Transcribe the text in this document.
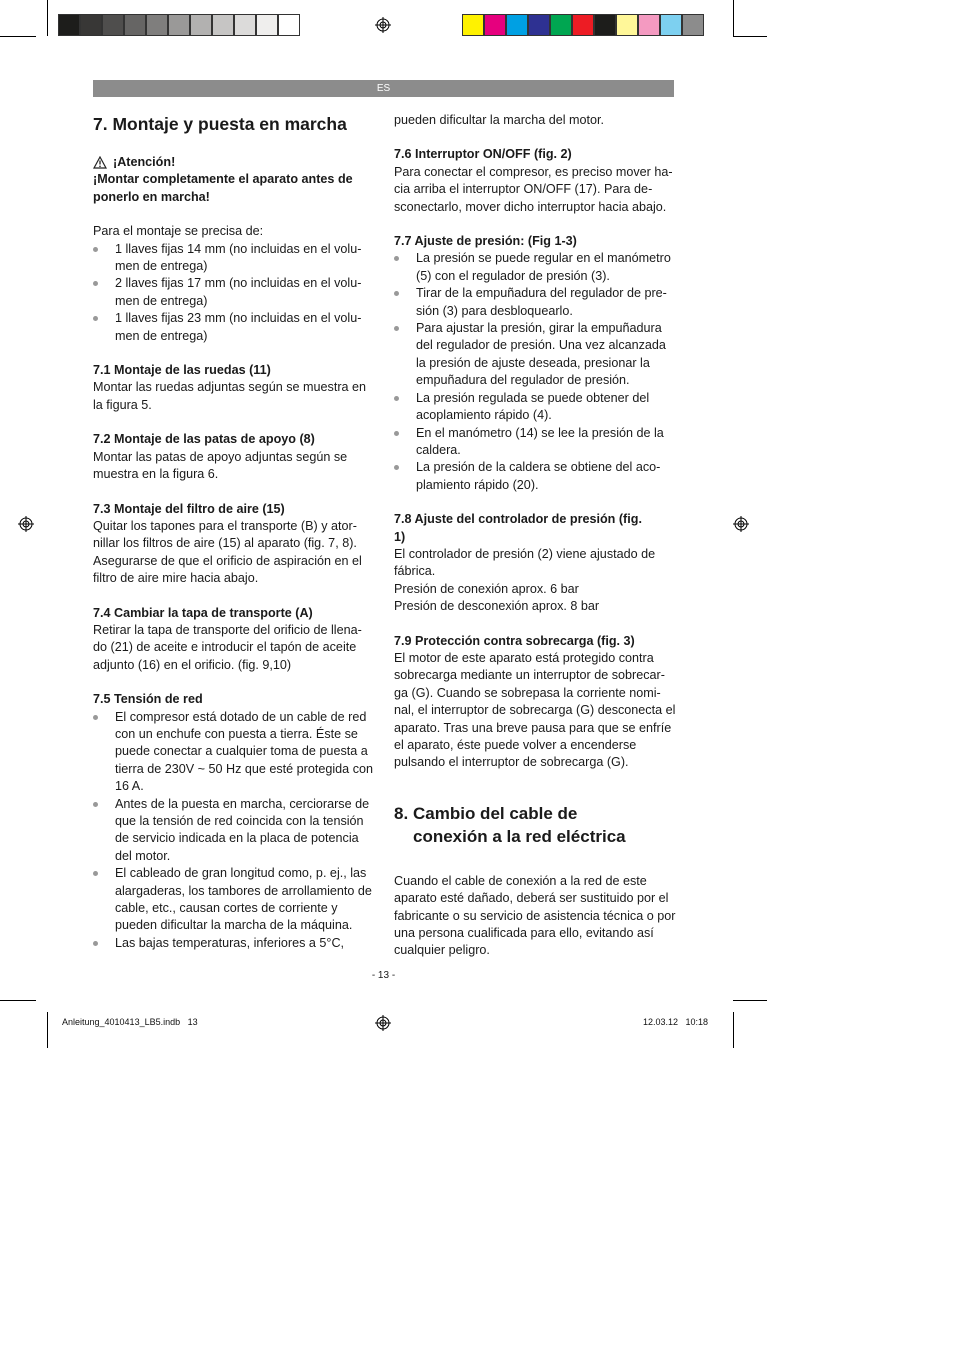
ES
7. Montaje y puesta en marcha
¡Atención!

¡Montar completamente el aparato antes de ponerlo en marcha!

Para el montaje se precisa de:

1 llaves fijas 14 mm (no incluidas en el volu-men de entrega)
2 llaves fijas 17 mm (no incluidas en el volu-men de entrega)
1 llaves fijas 23 mm (no incluidas en el volu-men de entrega)
7.1 Montaje de las ruedas (11)

Montar las ruedas adjuntas según se muestra en la figura 5.

7.2 Montaje de las patas de apoyo (8)

Montar las patas de apoyo adjuntas según se muestra en la figura 6.

7.3 Montaje del filtro de aire (15)

Quitar los tapones para el transporte (B) y ator-nillar los filtros de aire (15) al aparato (fig. 7, 8). Asegurarse de que el orificio de aspiración en el filtro de aire mire hacia abajo.

7.4 Cambiar la tapa de transporte (A)

Retirar la tapa de transporte del orificio de llena-do (21) de aceite e introducir el tapón de aceite adjunto (16) en el orificio. (fig. 9,10)

7.5 Tensión de red
El compresor está dotado de un cable de red con un enchufe con puesta a tierra. Éste se puede conectar a cualquier toma de puesta a tierra de 230V ~ 50 Hz que esté protegida con 16 A.
Antes de la puesta en marcha, cerciorarse de que la tensión de red coincida con la tensión de servicio indicada en la placa de potencia del motor.
El cableado de gran longitud como, p. ej., las alargaderas, los tambores de arrollamiento de cable, etc., causan cortes de corriente y pueden dificultar la marcha de la máquina.
Las bajas temperaturas, inferiores a 5°C,

pueden dificultar la marcha del motor.

7.6 Interruptor ON/OFF (fig. 2)

Para conectar el compresor, es preciso mover ha-cia arriba el interruptor ON/OFF (17). Para de-sconectarlo, mover dicho interruptor hacia abajo.

7.7 Ajuste de presión: (Fig 1-3)
La presión se puede regular en el manómetro (5) con el regulador de presión (3).
Tirar de la empuñadura del regulador de pre-sión (3) para desbloquearlo.
Para ajustar la presión, girar la empuñadura del regulador de presión. Una vez alcanzada la presión de ajuste deseada, presionar la empuñadura del regulador de presión.
La presión regulada se puede obtener del acoplamiento rápido (4).
En el manómetro (14) se lee la presión de la caldera.
La presión de la caldera se obtiene del aco-plamiento rápido (20).
7.8 Ajuste del controlador de presión (fig. 1)

El controlador de presión (2) viene ajustado de fábrica.

Presión de conexión aprox. 6 bar

Presión de desconexión aprox. 8 bar

7.9 Protección contra sobrecarga (fig. 3)

El motor de este aparato está protegido contra sobrecarga mediante un interruptor de sobrecar-ga (G). Cuando se sobrepasa la corriente nomi-nal, el interruptor de sobrecarga (G) desconecta el aparato. Tras una breve pausa para que se enfríe el aparato, éste puede volver a encenderse pulsando el interruptor de sobrecarga (G).

8. Cambio del cable de conexión a la red eléctrica

Cuando el cable de conexión a la red de este aparato esté dañado, deberá ser sustituido por el fabricante o su servicio de asistencia técnica o por una persona cualificada para ello, evitando así cualquier peligro.

- 13 -
Anleitung_4010413_LB5.indb   13	12.03.12   10:18
